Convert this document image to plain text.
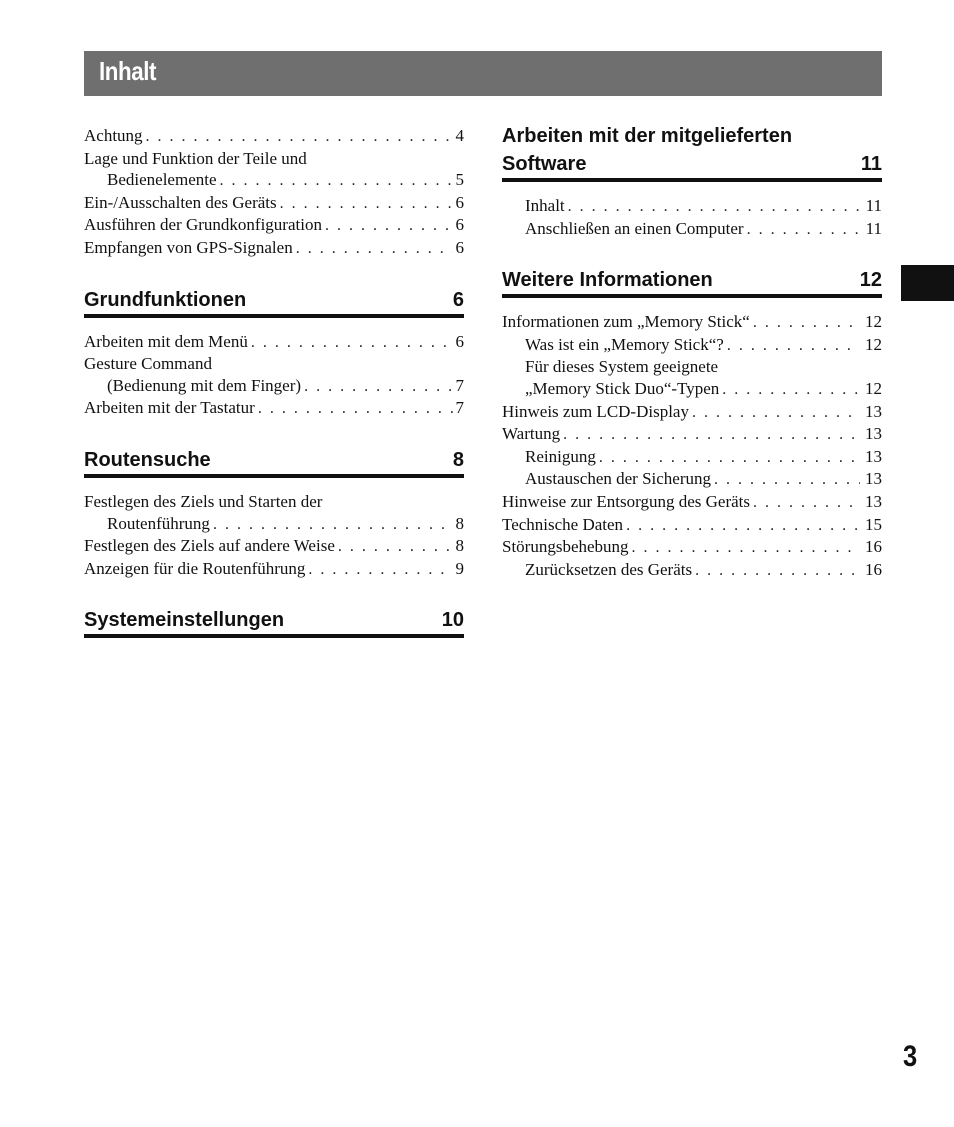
Inhalt
Achtung . . .	4
Lage und Funktion der Teile und
Bedienelemente . . .	5
Ein-/Ausschalten des Geräts . . .	6
Ausführen der Grundkonfiguration . . .	6
Empfangen von GPS-Signalen . . .	6
Grundfunktionen	6
Arbeiten mit dem Menü . . .	6
Gesture Command
(Bedienung mit dem Finger) . . .	7
Arbeiten mit der Tastatur . . .	7
Routensuche	8
Festlegen des Ziels und Starten der
Routenführung . . .	8
Festlegen des Ziels auf andere Weise . . .	8
Anzeigen für die Routenführung . . .	9
Systemeinstellungen	10
Arbeiten mit der mitgelieferten
Software	11
Inhalt . . .	11
Anschließen an einen Computer . . .	11
Weitere Informationen	12
Informationen zum „Memory Stick“ . . .	12
Was ist ein „Memory Stick“? . . .	12
Für dieses System geeignete
„Memory Stick Duo“-Typen . . .	12
Hinweis zum LCD-Display . . .	13
Wartung . . .	13
Reinigung . . .	13
Austauschen der Sicherung . . .	13
Hinweise zur Entsorgung des Geräts . . .	13
Technische Daten . . .	15
Störungsbehebung . . .	16
Zurücksetzen des Geräts . . .	16
3
